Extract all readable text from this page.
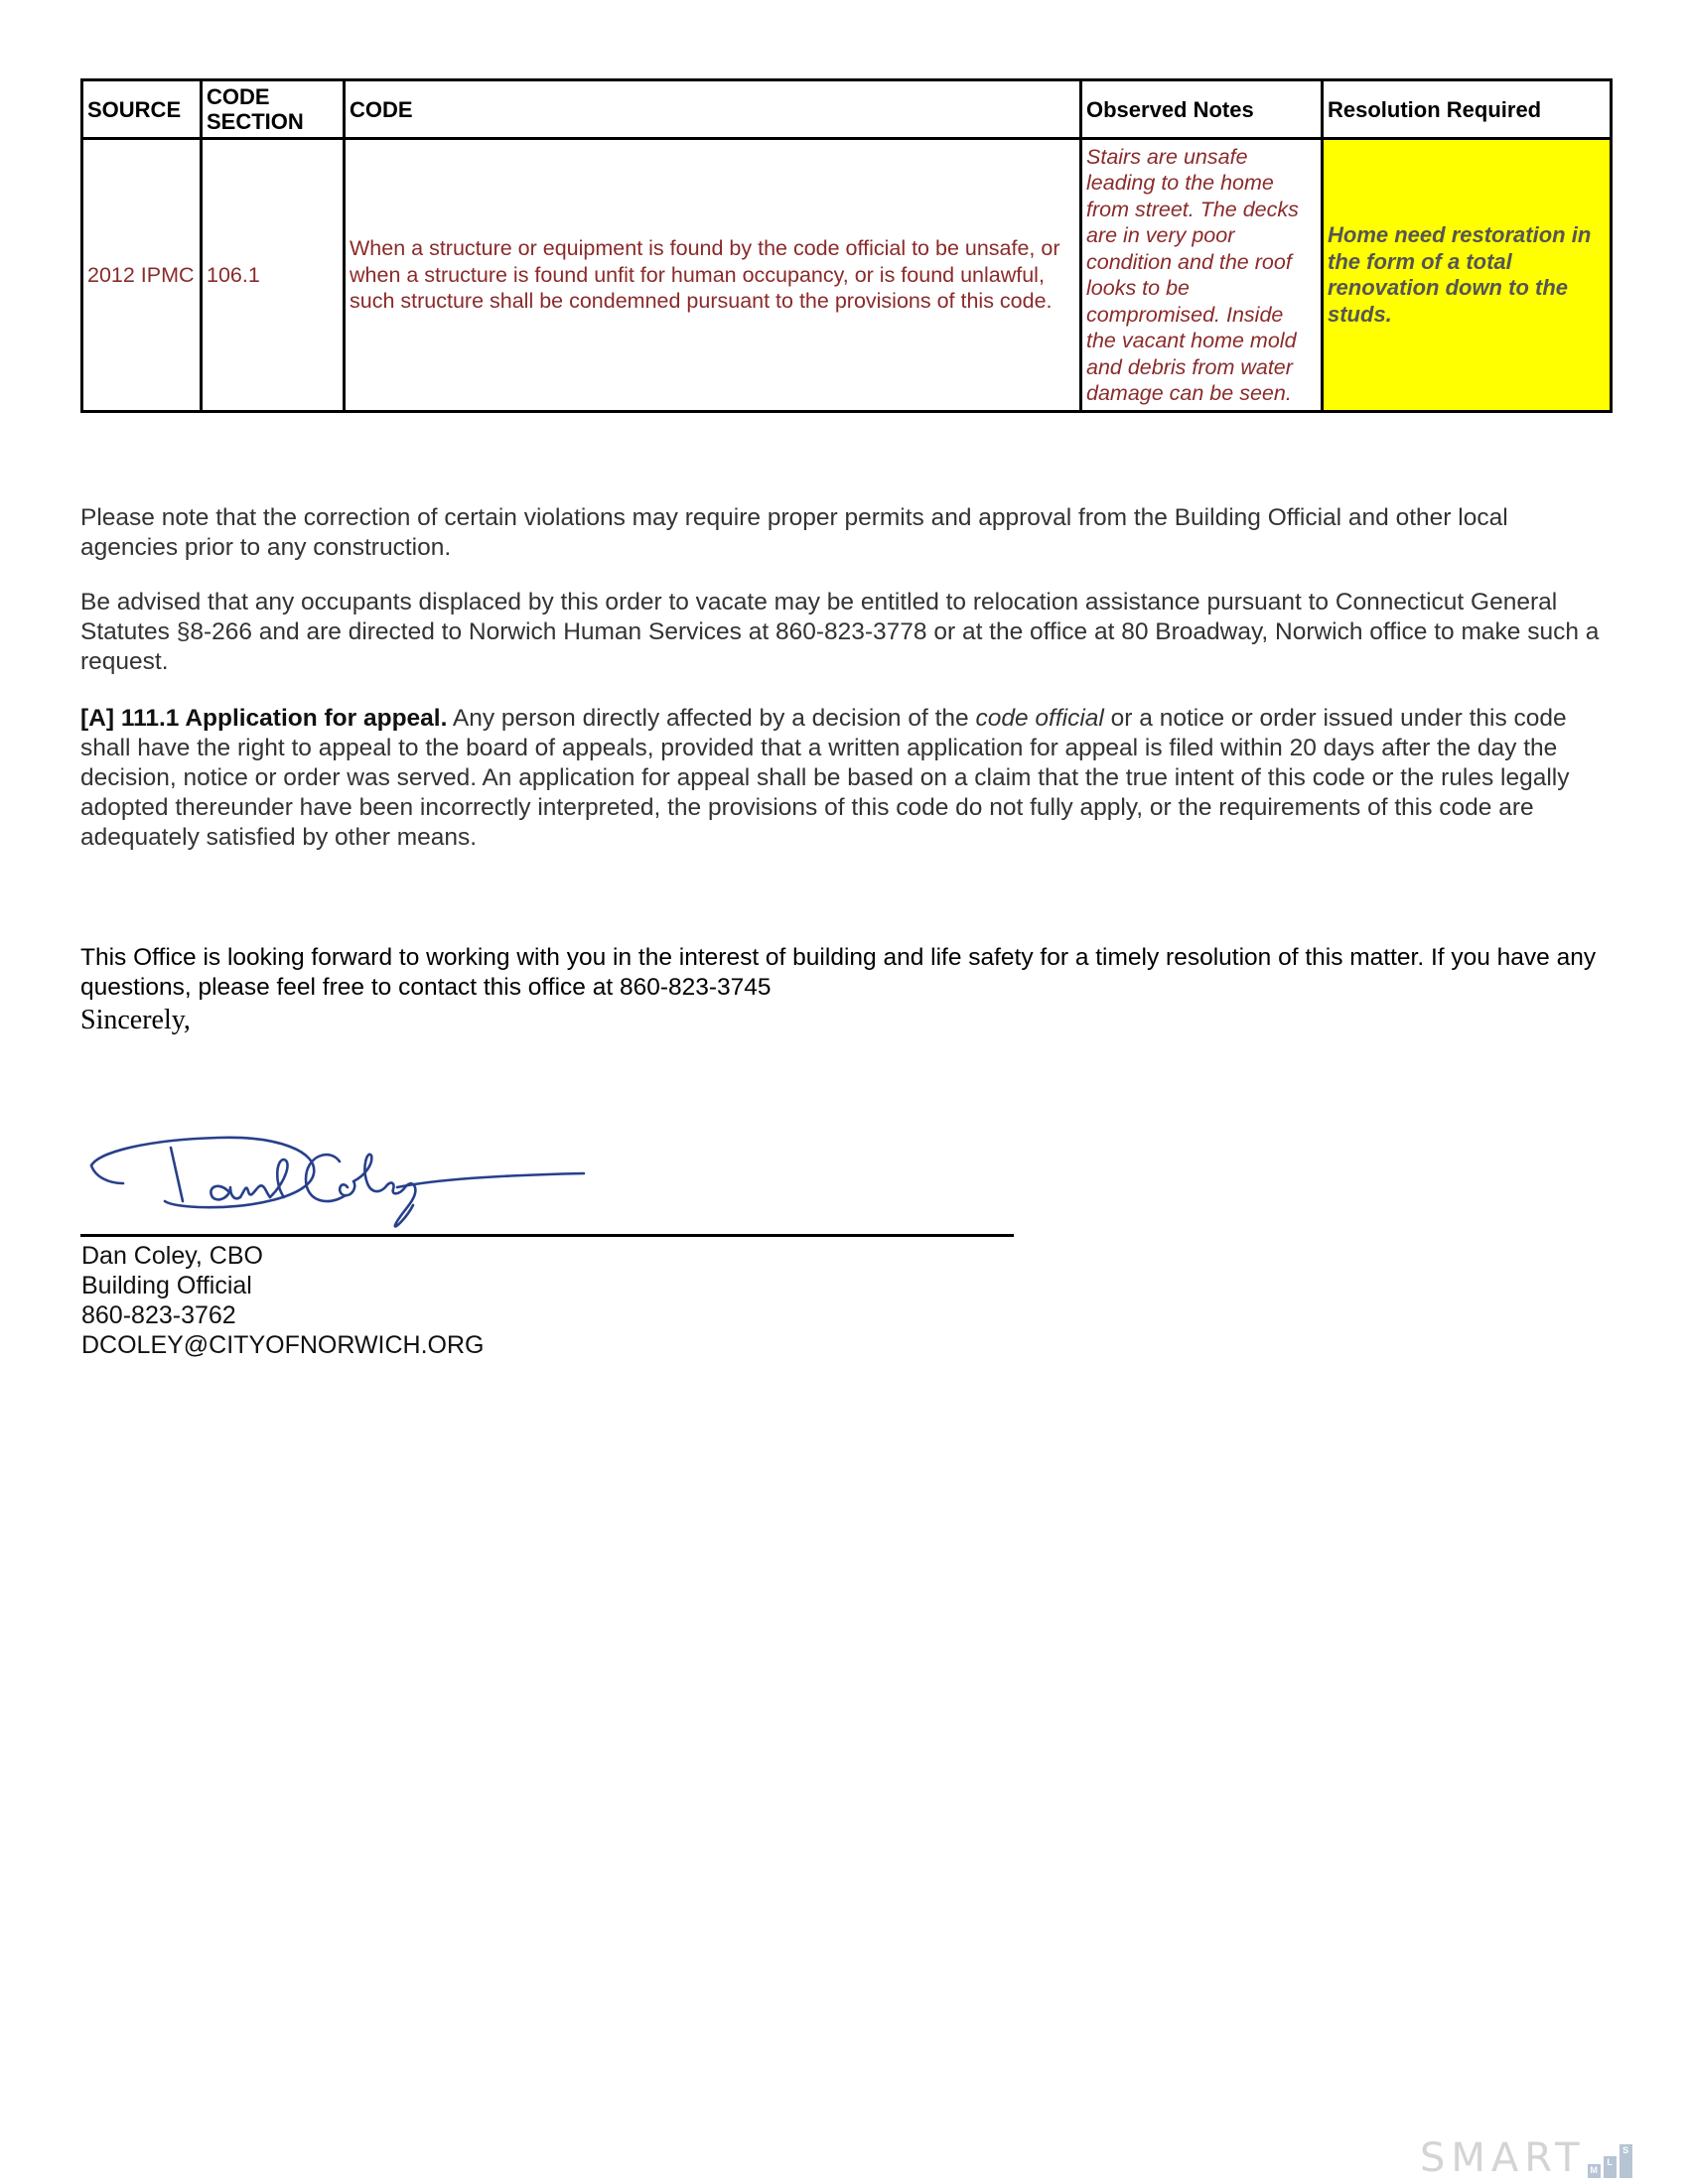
SOURCE	CODE SECTION	CODE	Observed Notes	Resolution Required
2012 IPMC	106.1	When a structure or equipment is found by the code official to be unsafe, or when a structure is found unfit for human occupancy, or is found unlawful, such structure shall be condemned pursuant to the provisions of this code.	Stairs are unsafe leading to the home from street. The decks are in very poor condition and the roof looks to be compromised. Inside the vacant home mold and debris from water damage can be seen.	Home need restoration in the form of a total renovation down to the studs.

Please note that the correction of certain violations may require proper permits and approval from the Building Official and other local agencies prior to any construction.

Be advised that any occupants displaced by this order to vacate may be entitled to relocation assistance pursuant to Connecticut General Statutes §8-266 and are directed to Norwich Human Services at 860-823-3778 or at the office at 80 Broadway, Norwich office to make such a request.

[A] 111.1 Application for appeal. Any person directly affected by a decision of the code official or a notice or order issued under this code shall have the right to appeal to the board of appeals, provided that a written application for appeal is filed within 20 days after the day the decision, notice or order was served. An application for appeal shall be based on a claim that the true intent of this code or the rules legally adopted thereunder have been incorrectly interpreted, the provisions of this code do not fully apply, or the requirements of this code are adequately satisfied by other means.

This Office is looking forward to working with you in the interest of building and life safety for a timely resolution of this matter. If you have any questions, please feel free to contact this office at 860-823-3745

Sincerely,
Dan Coley, CBO
Building Official
860-823-3762
DCOLEY@CITYOFNORWICH.ORG
SMART M
L
S
